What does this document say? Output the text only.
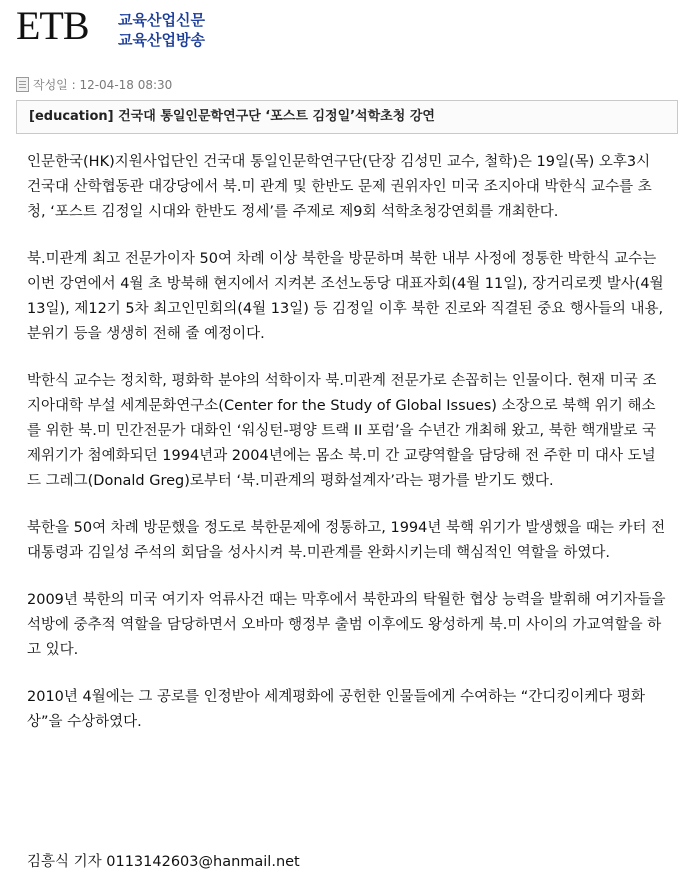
ETB 교육산업신문
교육산업방송
작성일 : 12-04-18 08:30
[education] 건국대 통일인문학연구단 ‘포스트 김정일’석학초청 강연

인문한국(HK)지원사업단인 건국대 통일인문학연구단(단장 김성민 교수, 철학)은 19일(목) 오후3시 건국대 산학협동관 대강당에서 북.미 관계 및 한반도 문제 권위자인 미국 조지아대 박한식 교수를 초청, ‘포스트 김정일 시대와 한반도 정세’를 주제로 제9회 석학초청강연회를 개최한다.

북.미관계 최고 전문가이자 50여 차례 이상 북한을 방문하며 북한 내부 사정에 정통한 박한식 교수는 이번 강연에서 4월 초 방북해 현지에서 지켜본 조선노동당 대표자회(4월 11일), 장거리로켓 발사(4월 13일), 제12기 5차 최고인민회의(4월 13일) 등 김정일 이후 북한 진로와 직결된 중요 행사들의 내용, 분위기 등을 생생히 전해 줄 예정이다.

박한식 교수는 정치학, 평화학 분야의 석학이자 북.미관계 전문가로 손꼽히는 인물이다. 현재 미국 조지아대학 부설 세계문화연구소(Center for the Study of Global Issues) 소장으로 북핵 위기 해소를 위한 북.미 민간전문가 대화인 ‘워싱턴-평양 트랙 II 포럼’을 수년간 개최해 왔고, 북한 핵개발로 국제위기가 첨예화되던 1994년과 2004년에는 몸소 북.미 간 교량역할을 담당해 전 주한 미 대사 도널드 그레그(Donald Greg)로부터 ‘북.미관계의 평화설계자’라는 평가를 받기도 했다.

북한을 50여 차례 방문했을 정도로 북한문제에 정통하고, 1994년 북핵 위기가 발생했을 때는 카터 전 대통령과 김일성 주석의 회담을 성사시켜 북.미관계를 완화시키는데 핵심적인 역할을 하였다.

2009년 북한의 미국 여기자 억류사건 때는 막후에서 북한과의 탁월한 협상 능력을 발휘해 여기자들을 석방에 중추적 역할을 담당하면서 오바마 행정부 출범 이후에도 왕성하게 북.미 사이의 가교역할을 하고 있다.

2010년 4월에는 그 공로를 인정받아 세계평화에 공헌한 인물들에게 수여하는 “간디킹이케다 평화상”을 수상하였다.

김흥식 기자 0113142603@hanmail.net
